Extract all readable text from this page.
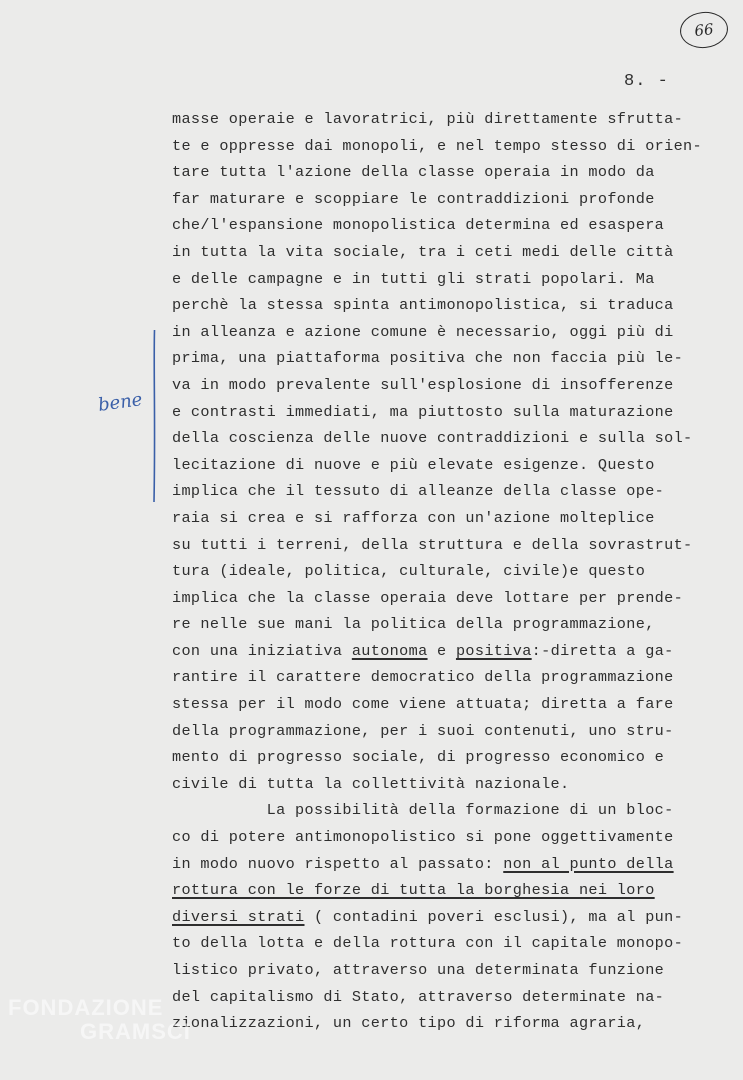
66
8. -
bene
masse operaie e lavoratrici, più direttamente sfrutta-
te e oppresse dai monopoli, e nel tempo stesso di orien-
tare tutta l'azione della classe operaia in modo da
far maturare e scoppiare le contraddizioni profonde
che/l'espansione monopolistica determina ed esaspera
in tutta la vita sociale, tra i ceti medi delle città
e delle campagne e in tutti gli strati popolari. Ma
perchè la stessa spinta antimonopolistica, si traduca
in alleanza e azione comune è necessario, oggi più di
prima, una piattaforma positiva che non faccia più le-
va in modo prevalente sull'esplosione di insofferenze
e contrasti immediati, ma piuttosto sulla maturazione
della coscienza delle nuove contraddizioni e sulla sol-
lecitazione di nuove e più elevate esigenze. Questo
implica che il tessuto di alleanze della classe ope-
raia si crea e si rafforza con un'azione molteplice
su tutti i terreni, della struttura e della sovrastrut-
tura (ideale, politica, culturale, civile)e questo
implica che la classe operaia deve lottare per prende-
re nelle sue mani la politica della programmazione,
con una iniziativa autonoma e positiva:-diretta a ga-
rantire il carattere democratico della programmazione
stessa per il modo come viene attuata; diretta a fare
della programmazione, per i suoi contenuti, uno stru-
mento di progresso sociale, di progresso economico e
civile di tutta la collettività nazionale.
La possibilità della formazione di un bloc-
co di potere antimonopolistico si pone oggettivamente
in modo nuovo rispetto al passato: non al punto della
rottura con le forze di tutta la borghesia nei loro
diversi strati ( contadini poveri esclusi), ma al pun-
to della lotta e della rottura con il capitale monopo-
listico privato, attraverso una determinata funzione
del capitalismo di Stato, attraverso determinate na-
zionalizzazioni, un certo tipo di riforma agraria,
FONDAZIONE
GRAMSCI
